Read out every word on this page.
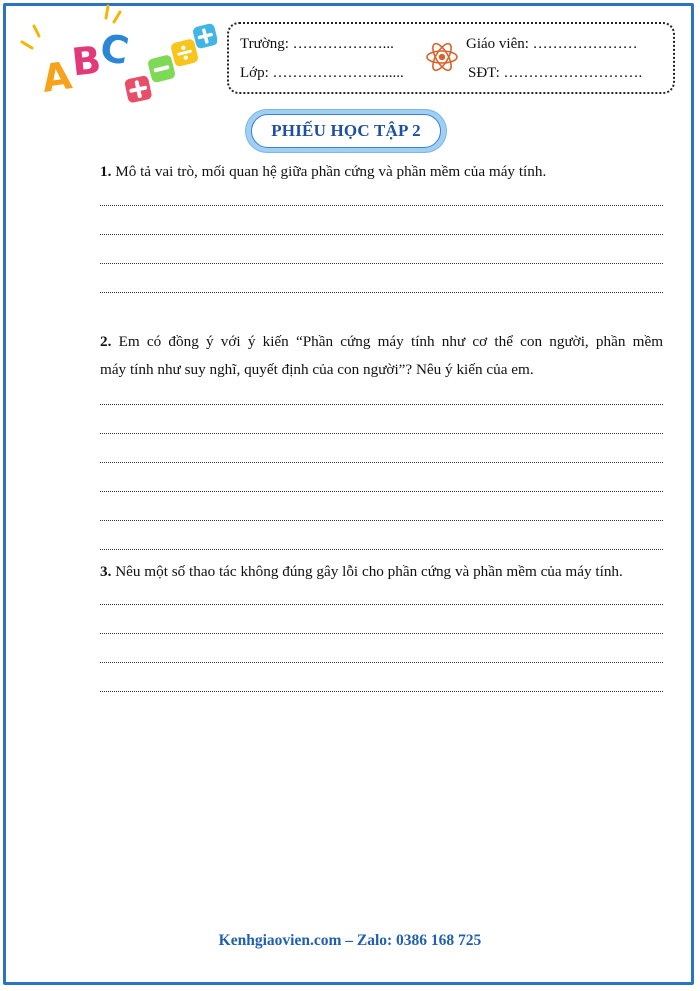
A
B
C	Trường: ………………...	Giáo viên: …………………
Lớp: ………………….......	SĐT: ……………………….
PHIẾU HỌC TẬP 2
1. Mô tả vai trò, mối quan hệ giữa phần cứng và phần mềm của máy tính.
2. Em có đồng ý với ý kiến “Phần cứng máy tính như cơ thể con người, phần mềm
máy tính như suy nghĩ, quyết định của con người”? Nêu ý kiến của em.
3. Nêu một số thao tác không đúng gây lỗi cho phần cứng và phần mềm của máy tính.
Kenhgiaovien.com – Zalo: 0386 168 725
